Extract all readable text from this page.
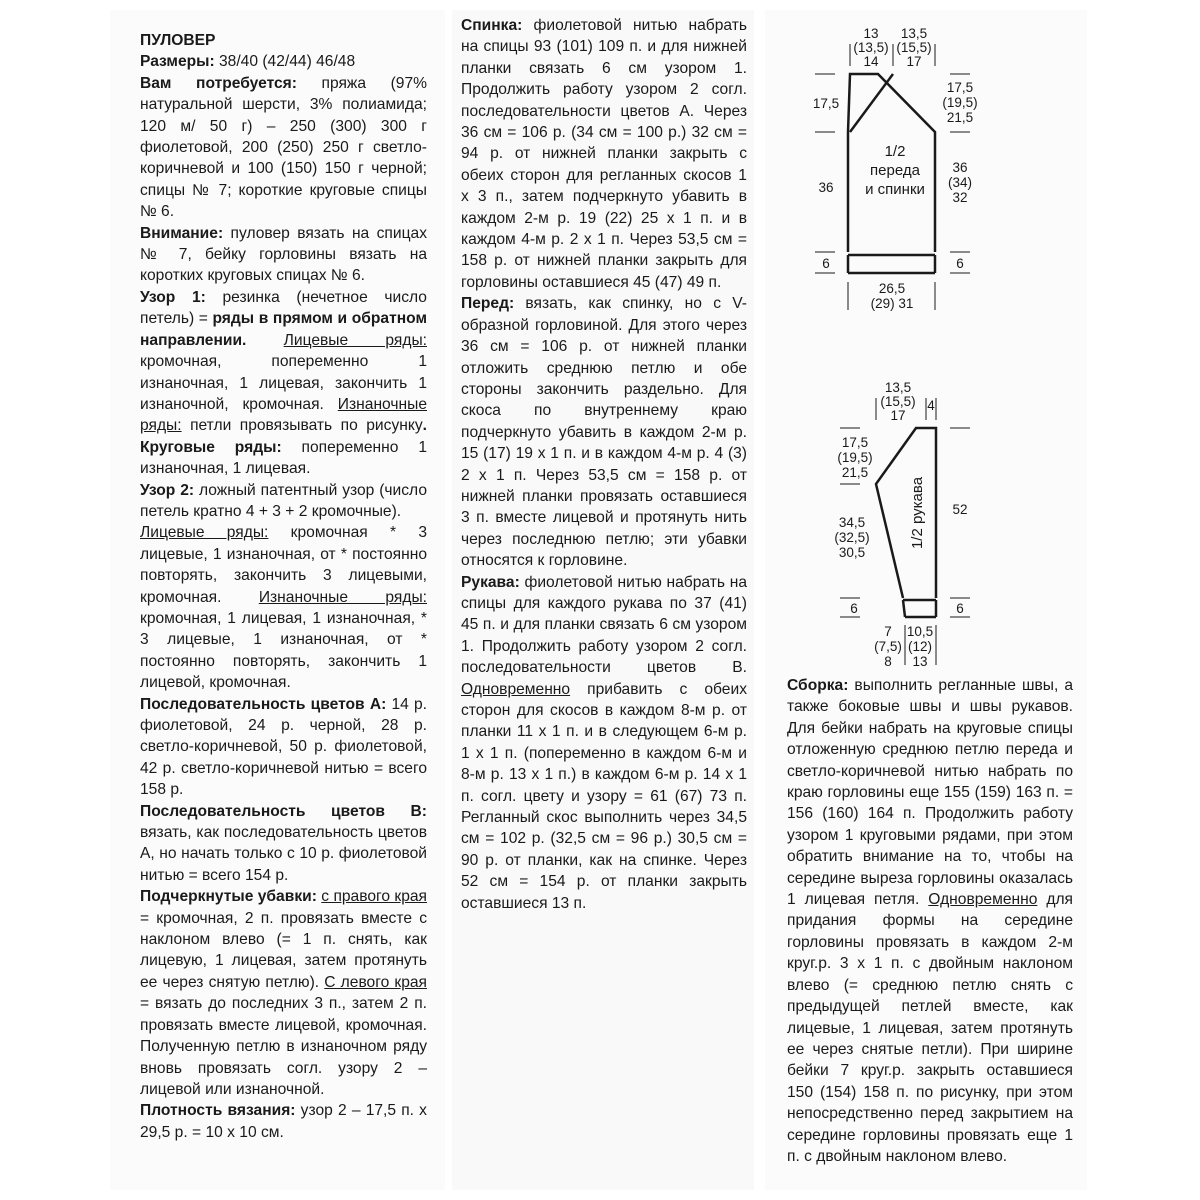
ПУЛОВЕР

Размеры: 38/40 (42/44) 46/48

Вам потребуется: пряжа (97% натуральной шерсти, 3% полиамида; 120 м/ 50 г) – 250 (300) 300 г фиолетовой, 200 (250) 250 г светло-коричневой и 100 (150) 150 г черной; спицы № 7; короткие круговые спицы № 6.

Внимание: пуловер вязать на спицах № 7, бейку горловины вязать на коротких круговых спицах № 6.

Узор 1: резинка (нечетное число петель) = ряды в прямом и обратном направлении. Лицевые ряды: кромочная, попеременно 1 изнаночная, 1 лицевая, закончить 1 изнаночной, кромочная. Изнаночные ряды: петли провязывать по рисунку. Круговые ряды: попеременно 1 изнаночная, 1 лицевая.

Узор 2: ложный патентный узор (число петель кратно 4 + 3 + 2 кромочные).
Лицевые ряды: кромочная * 3 лицевые, 1 изнаночная, от * постоянно повторять, закончить 3 лицевыми, кромочная. Изнаночные ряды: кромочная, 1 лицевая, 1 изнаночная, * 3 лицевые, 1 изнаночная, от * постоянно повторять, закончить 1 лицевой, кромочная.

Последовательность цветов А: 14 р. фиолетовой, 24 р. черной, 28 р. светло-коричневой, 50 р. фиолетовой, 42 р. светло-коричневой нитью = всего 158 р.

Последовательность цветов В: вязать, как последовательность цветов А, но начать только с 10 р. фиолетовой нитью = всего 154 р.

Подчеркнутые убавки: с правого края = кромочная, 2 п. провязать вместе с наклоном влево (= 1 п. снять, как лицевую, 1 лицевая, затем протянуть ее через снятую петлю). С левого края = вязать до последних 3 п., затем 2 п. провязать вместе лицевой, кромочная. Полученную петлю в изнаночном ряду вновь провязать согл. узору 2 – лицевой или изнаночной.

Плотность вязания: узор 2 – 17,5 п. х 29,5 р. = 10 х 10 см.

Спинка: фиолетовой нитью набрать на спицы 93 (101) 109 п. и для нижней планки связать 6 см узором 1. Продолжить работу узором 2 согл. последовательности цветов А. Через 36 см = 106 р. (34 см = 100 р.) 32 см = 94 р. от нижней планки закрыть с обеих сторон для регланных скосов 1 х 3 п., затем подчеркнуто убавить в каждом 2-м р. 19 (22) 25 х 1 п. и в каждом 4-м р. 2 х 1 п. Через 53,5 см = 158 р. от нижней планки закрыть для горловины оставшиеся 45 (47) 49 п.

Перед: вязать, как спинку, но с V-образной горловиной. Для этого через 36 см = 106 р. от нижней планки отложить среднюю петлю и обе стороны закончить раздельно. Для скоса по внутреннему краю подчеркнуто убавить в каждом 2-м р. 15 (17) 19 х 1 п. и в каждом 4-м р. 4 (3) 2 х 1 п. Через 53,5 см = 158 р. от нижней планки провязать оставшиеся 3 п. вместе лицевой и протянуть нить через последнюю петлю; эти убавки относятся к горловине.

Рукава: фиолетовой нитью набрать на спицы для каждого рукава по 37 (41) 45 п. и для планки связать 6 см узором 1. Продолжить работу узором 2 согл. последовательности цветов В. Одновременно прибавить с обеих сторон для скосов в каждом 8-м р. от планки 11 х 1 п. и в следующем 6-м р. 1 х 1 п. (попеременно в каждом 6-м и 8-м р. 13 х 1 п.) в каждом 6-м р. 14 х 1 п. согл. цвету и узору = 61 (67) 73 п. Регланный скос выполнить через 34,5 см = 102 р. (32,5 см = 96 р.) 30,5 см = 90 р. от планки, как на спинке. Через 52 см = 154 р. от планки закрыть оставшиеся 13 п.

Сборка: выполнить регланные швы, а также боковые швы и швы рукавов. Для бейки набрать на круговые спицы отложенную среднюю петлю переда и светло-коричневой нитью набрать по краю горловины еще 155 (159) 163 п. = 156 (160) 164 п. Продолжить работу узором 1 круговыми рядами, при этом обратить внимание на то, чтобы на середине выреза горловины оказалась 1 лицевая петля. Одновременно для придания формы на середине горловины провязать в каждом 2-м круг.р. 3 х 1 п. с двойным наклоном влево (= среднюю петлю снять с предыдущей петлей вместе, как лицевые, 1 лицевая, затем протянуть ее через снятые петли). При ширине бейки 7 круг.р. закрыть оставшиеся 150 (154) 158 п. по рисунку, при этом непосредственно перед закрытием на середине горловины провязать еще 1 п. с двойным наклоном влево.

13
(13,5)
14
13,5
(15,5)
17
17,5
17,5
(19,5)
21,5
1/2
переда
и спинки
36
36
(34)
32
6	6
26,5
(29) 31
13,5
(15,5)
17
4
17,5
(19,5)
21,5
1/2 рукава 52
34,5
(32,5)
30,5
6	6
7
(7,5)
8
10,5
(12)
13
